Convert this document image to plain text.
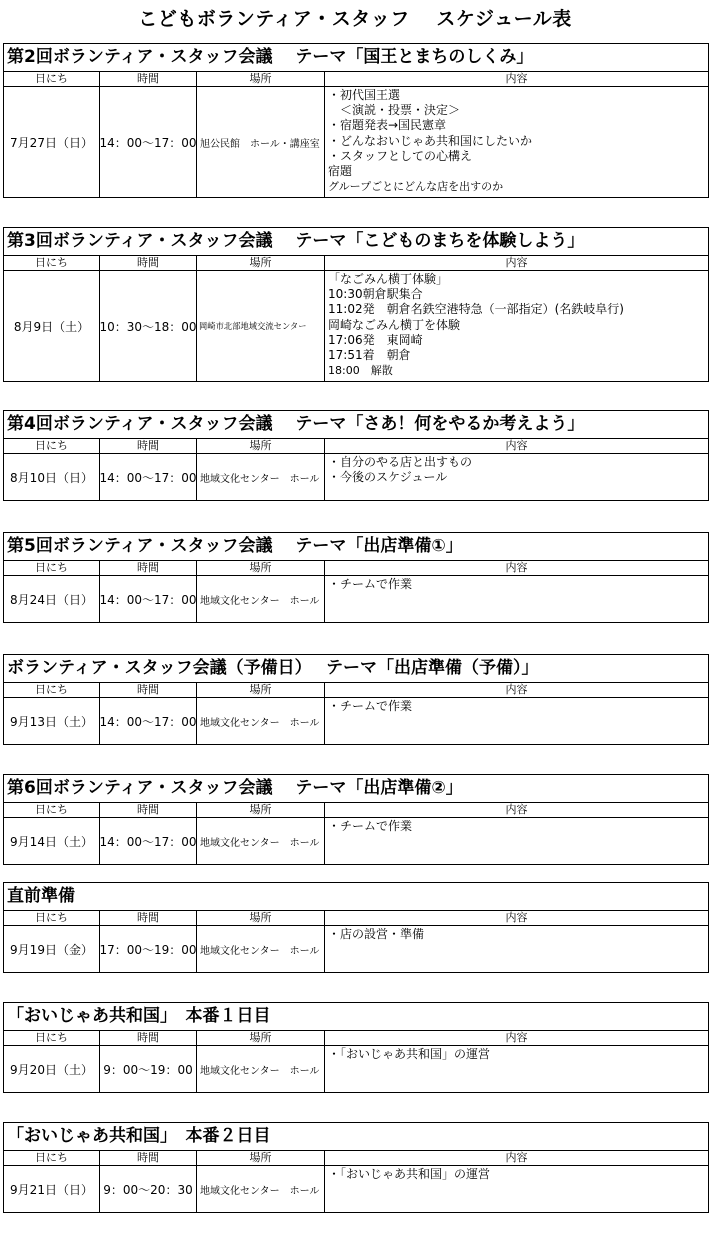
こどもボランティア・スタッフ　 スケジュール表
第2回ボランティア・スタッフ会議　 テーマ「国王とまちのしくみ」
日にち	時間	場所	内容
7月27日（日） 14：00～17：00 旭公民館　ホール・講座室
・初代国王選
　＜演説・投票・決定＞
・宿題発表→国民憲章
・どんなおいじゃあ共和国にしたいか
・スタッフとしての心構え
宿題
グループごとにどんな店を出すのか
第3回ボランティア・スタッフ会議　 テーマ「こどものまちを体験しよう」
日にち	時間	場所	内容
8月9日（土） 10：30～18：00 岡崎市北部地域交流センター
「なごみん横丁体験」
10:30朝倉駅集合
11:02発　朝倉名鉄空港特急（一部指定）(名鉄岐阜行)
岡崎なごみん横丁を体験
17:06発　東岡崎
17:51着　朝倉
18:00　解散
第4回ボランティア・スタッフ会議　 テーマ「さあ！何をやるか考えよう」
日にち	時間	場所	内容
8月10日（日） 14：00～17：00 地域文化センター　ホール
・自分のやる店と出すもの
・今後のスケジュール
第5回ボランティア・スタッフ会議　 テーマ「出店準備①」
日にち	時間	場所	内容
8月24日（日） 14：00～17：00 地域文化センター　ホール
・チームで作業
ボランティア・スタッフ会議（予備日）　 テーマ「出店準備（予備）」
日にち	時間	場所	内容
9月13日（土） 14：00～17：00 地域文化センター　ホール
・チームで作業
第6回ボランティア・スタッフ会議　 テーマ「出店準備②」
日にち	時間	場所	内容
9月14日（土） 14：00～17：00 地域文化センター　ホール
・チームで作業
直前準備
日にち	時間	場所	内容
9月19日（金） 17：00～19：00 地域文化センター　ホール
・店の設営・準備
「おいじゃあ共和国」　本番１日目
日にち	時間	場所	内容
9月20日（土） 9：00～19：00 地域文化センター　ホール
・「おいじゃあ共和国」の運営
「おいじゃあ共和国」　本番２日目
日にち	時間	場所	内容
9月21日（日） 9：00～20：30 地域文化センター　ホール
・「おいじゃあ共和国」の運営
